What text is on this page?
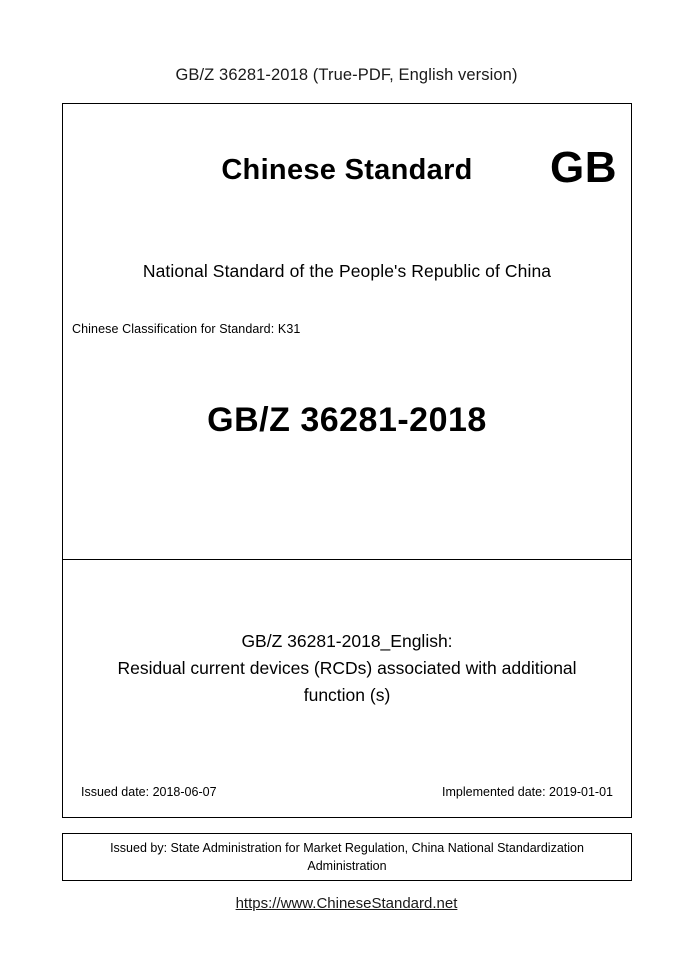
GB/Z 36281-2018 (True-PDF, English version)
Chinese Standard	GB
National Standard of the People's Republic of China
Chinese Classification for Standard: K31
GB/Z 36281-2018
GB/Z 36281-2018_English:
Residual current devices (RCDs) associated with additional
function (s)
Issued date: 2018-06-07	Implemented date: 2019-01-01
Issued by: State Administration for Market Regulation, China National Standardization
Administration
https://www.ChineseStandard.net
